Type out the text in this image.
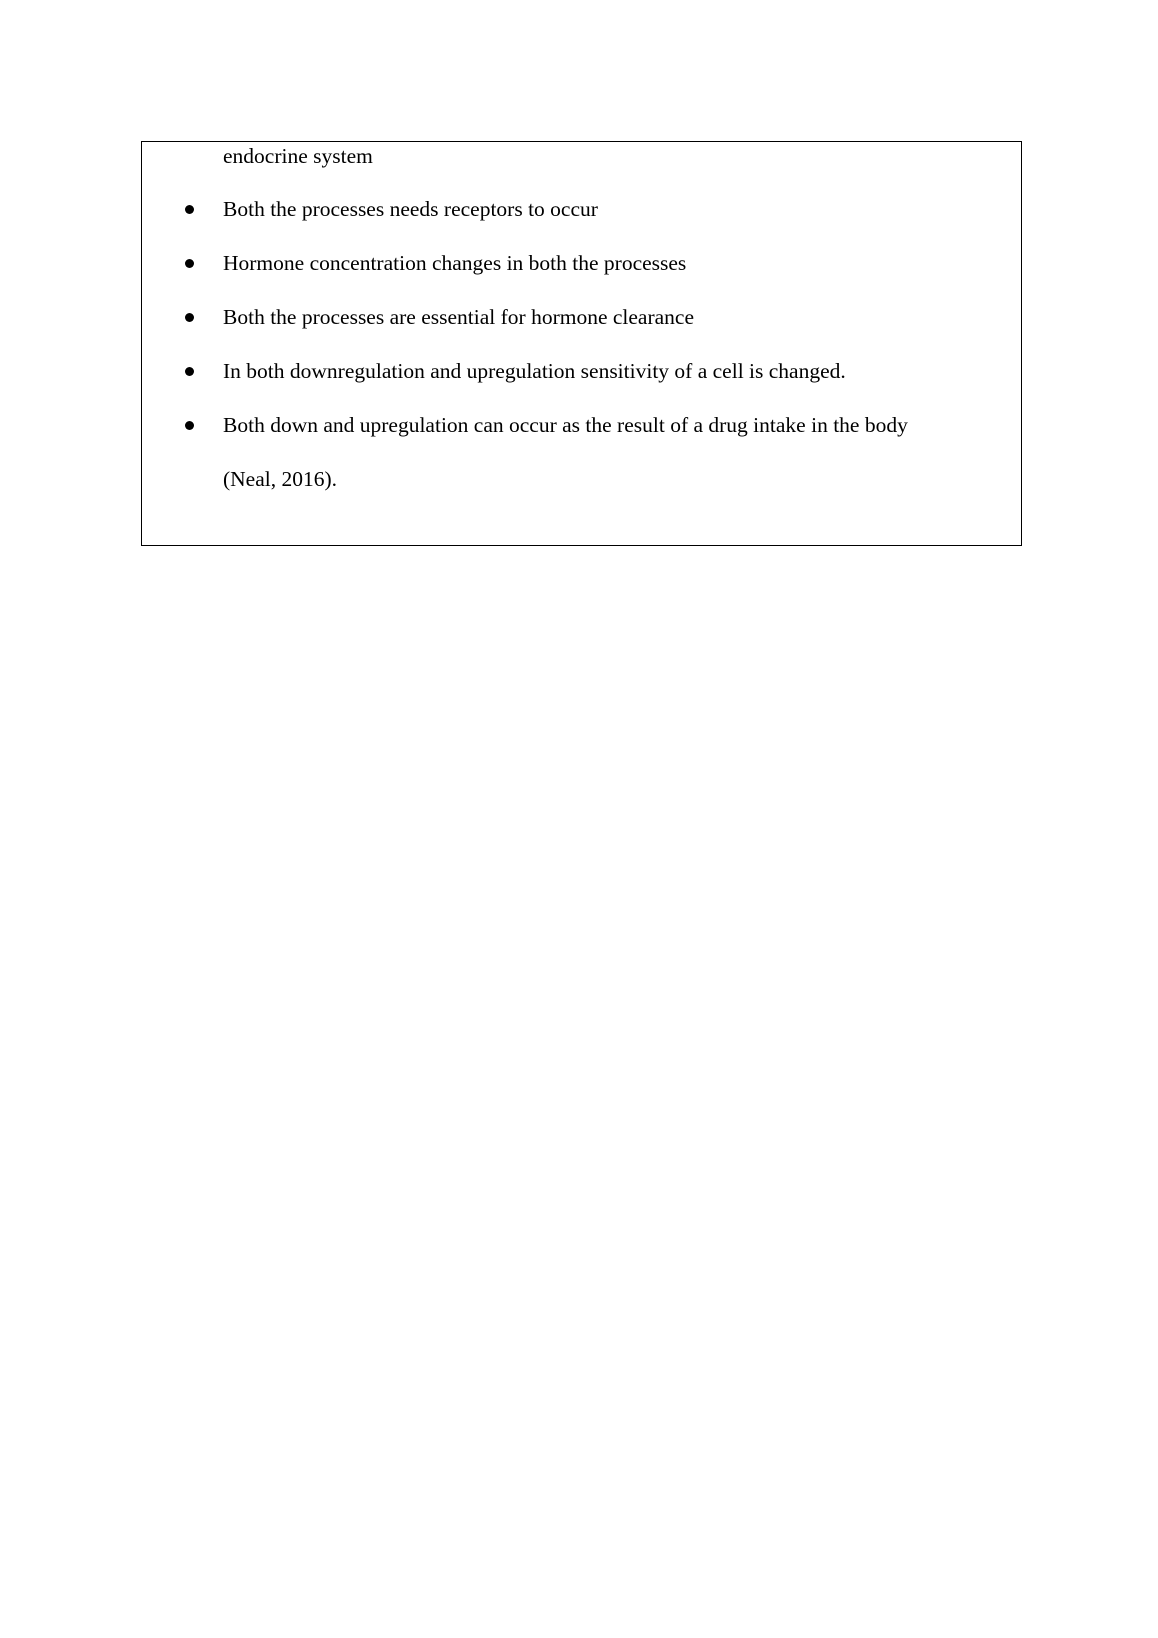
endocrine system
Both the processes needs receptors to occur
Hormone concentration changes in both the processes
Both the processes are essential for hormone clearance
In both downregulation and upregulation sensitivity of a cell is changed.
Both down and upregulation can occur as the result of a drug intake in the body
(Neal, 2016).
